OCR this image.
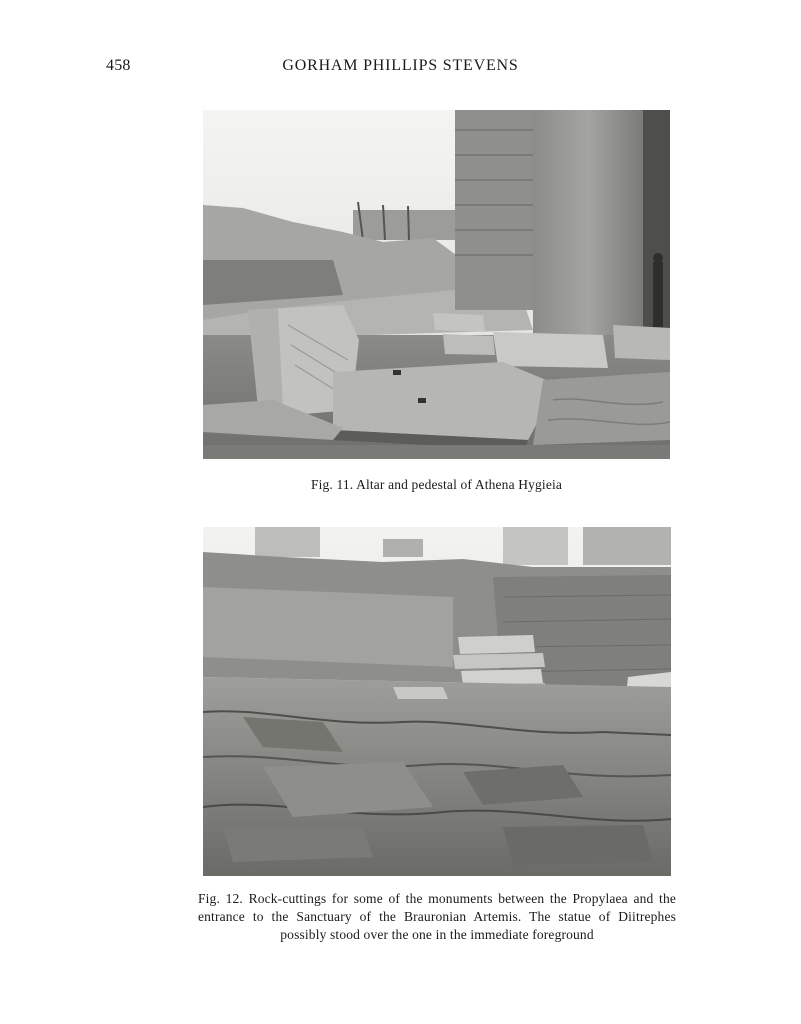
458	GORHAM PHILLIPS STEVENS
Fig. 11. Altar and pedestal of Athena Hygieia
Fig. 12. Rock-cuttings for some of the monuments between the Propylaea and the entrance to the Sanctuary of the Brauronian Artemis. The statue of Diitrephes possibly stood over the one in the immediate foreground
